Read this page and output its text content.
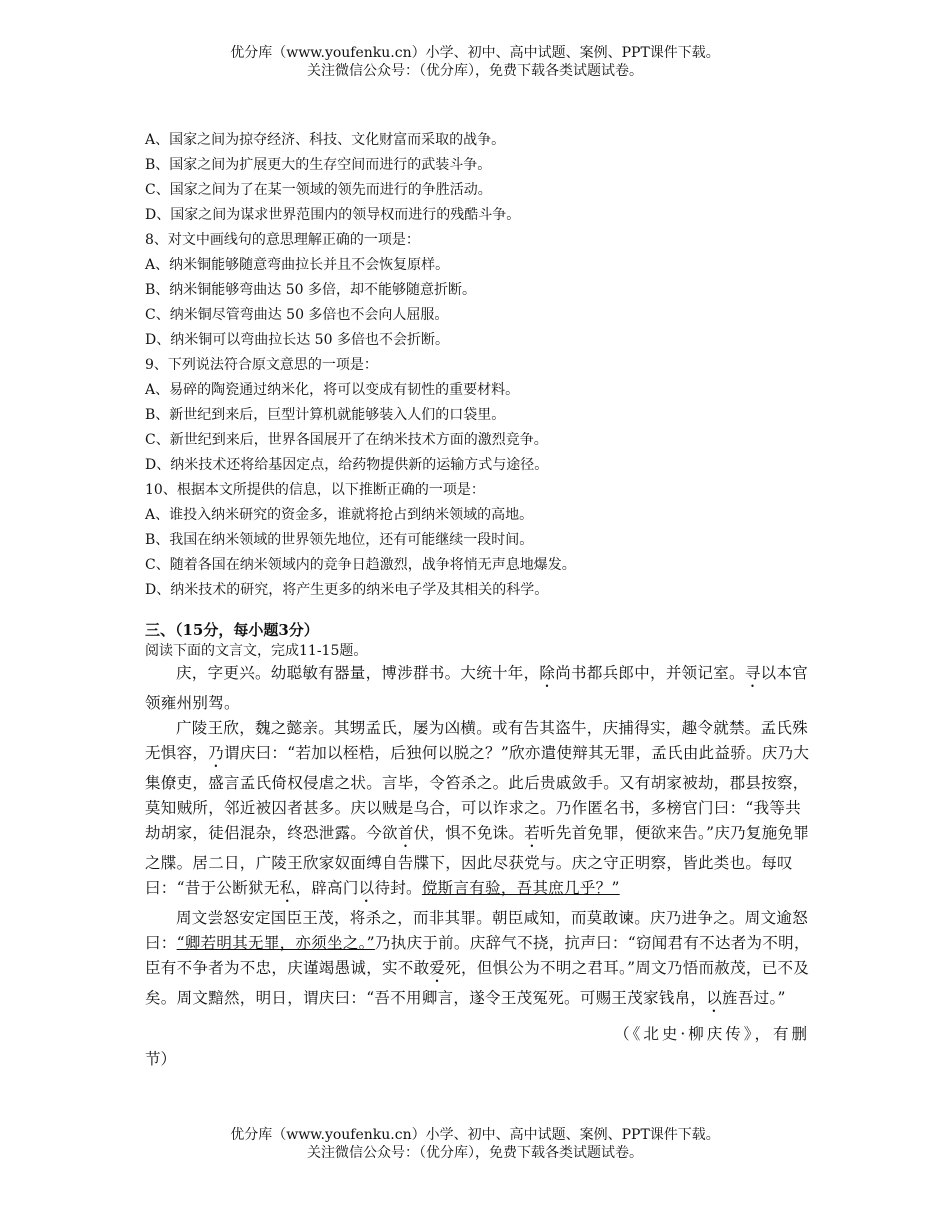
优分库（www.youfenku.cn）小学、初中、高中试题、案例、PPT课件下载。
关注微信公众号：（优分库），免费下载各类试题试卷。
A、国家之间为掠夺经济、科技、文化财富而采取的战争。
B、国家之间为扩展更大的生存空间而进行的武装斗争。
C、国家之间为了在某一领域的领先而进行的争胜活动。
D、国家之间为谋求世界范围内的领导权而进行的残酷斗争。
8、对文中画线句的意思理解正确的一项是：
A、纳米铜能够随意弯曲拉长并且不会恢复原样。
B、纳米铜能够弯曲达 50 多倍，却不能够随意折断。
C、纳米铜尽管弯曲达 50 多倍也不会向人屈服。
D、纳米铜可以弯曲拉长达 50 多倍也不会折断。
9、下列说法符合原文意思的一项是：
A、易碎的陶瓷通过纳米化，将可以变成有韧性的重要材料。
B、新世纪到来后，巨型计算机就能够装入人们的口袋里。
C、新世纪到来后，世界各国展开了在纳米技术方面的激烈竞争。
D、纳米技术还将给基因定点，给药物提供新的运输方式与途径。
10、根据本文所提供的信息，以下推断正确的一项是：
A、谁投入纳米研究的资金多，谁就将抢占到纳米领域的高地。
B、我国在纳米领域的世界领先地位，还有可能继续一段时间。
C、随着各国在纳米领域内的竞争日趋激烈，战争将悄无声息地爆发。
D、纳米技术的研究，将产生更多的纳米电子学及其相关的科学。
三、（15分，每小题3分）
阅读下面的文言文，完成11-15题。
庆，字更兴。幼聪敏有器量，博涉群书。大统十年，除尚书都兵郎中，并领记室。寻以本官领雍州别驾。
广陵王欣，魏之懿亲。其甥孟氏，屡为凶横。或有告其盗牛，庆捕得实，趣令就禁。孟氏殊无惧容，乃谓庆曰：“若加以桎梏，后独何以脱之？”欣亦遣使辩其无罪，孟氏由此益骄。庆乃大集僚吏，盛言孟氏倚权侵虐之状。言毕，令笞杀之。此后贵戚敛手。又有胡家被劫，郡县按察，莫知贼所，邻近被囚者甚多。庆以贼是乌合，可以诈求之。乃作匿名书，多榜官门曰：“我等共劫胡家，徒侣混杂，终恐泄露。今欲首伏，惧不免诛。若听先首免罪，便欲来告。”庆乃复施免罪之牒。居二日，广陵王欣家奴面缚自告牒下，因此尽获党与。庆之守正明察，皆此类也。每叹曰：“昔于公断狱无私，辟高门以待封。傥斯言有验，吾其庶几乎？”
周文尝怒安定国臣王茂，将杀之，而非其罪。朝臣咸知，而莫敢谏。庆乃进争之。周文逾怒曰：“卿若明其无罪，亦须坐之。”乃执庆于前。庆辞气不挠，抗声曰：“窃闻君有不达者为不明，臣有不争者为不忠，庆谨竭愚诚，实不敢爱死，但惧公为不明之君耳。”周文乃悟而赦茂，已不及矣。周文黯然，明日，谓庆曰：“吾不用卿言，遂令王茂冤死。可赐王茂家钱帛，以旌吾过。”
（《北史·柳庆传》，有删
节）
优分库（www.youfenku.cn）小学、初中、高中试题、案例、PPT课件下载。
关注微信公众号：（优分库），免费下载各类试题试卷。
